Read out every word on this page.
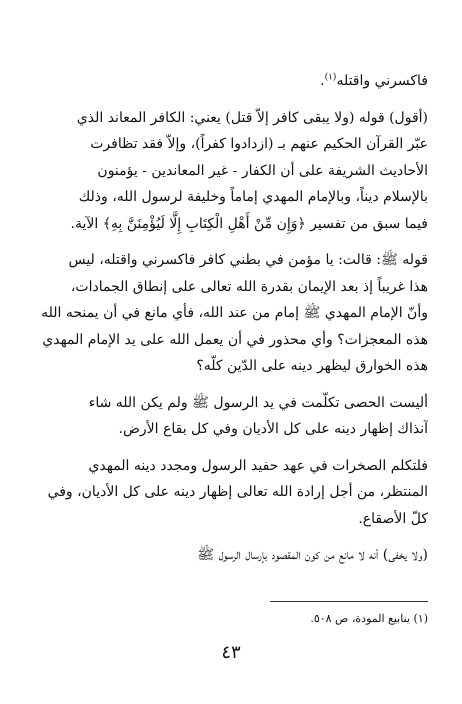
فاكسرني واقتله$^{(١)}$.
(أقول) قوله (ولا يبقى كافر إلاّ قتل) يعني: الكافر المعاند الذي
عبّر القرآن الحكيم عنهم بـ (ازدادوا كفراً)، وإلاّ فقد تظافرت
الأحاديث الشريفة على أن الكفار - غير المعاندين - يؤمنون
بالإسلام ديناً، وبالإمام المهدي إماماً وخليفة لرسول الله، وذلك
فيما سبق من تفسير ﴿وَإِن مِّنْ أَهْلِ الْكِتَابِ إِلَّا لَيُؤْمِنَنَّ بِهِ﴾ الآية.
قوله ﷺ: قالت: يا مؤمن في بطني كافر فاكسرني واقتله، ليس
هذا غريباً إذ بعد الإيمان بقدرة الله تعالى على إنطاق الجمادات،
وأنّ الإمام المهدي ﷺ إمام من عند الله، فأي مانع في أن يمنحه الله
هذه المعجزات؟ وأي محذور في أن يعمل الله على يد الإمام المهدي
هذه الخوارق ليظهر دينه على الدّين كلّه؟
أليست الحصى تكلّمت في يد الرسول ﷺ ولم يكن الله شاء
آنذاك إظهار دينه على كل الأديان وفي كل بقاع الأرض.
فلتكلم الصخرات في عهد حفيد الرسول ومجدد دينه المهدي
المنتظر، من أجل إرادة الله تعالى إظهار دينه على كل الأديان، وفي
كلّ الأصقاع.
(ولا يخفى) أنه لا مانع من كون المقصود بإرسال الرسول ﷺ
(١) ينابيع المودة، ص ٥٠٨.
٤٣
